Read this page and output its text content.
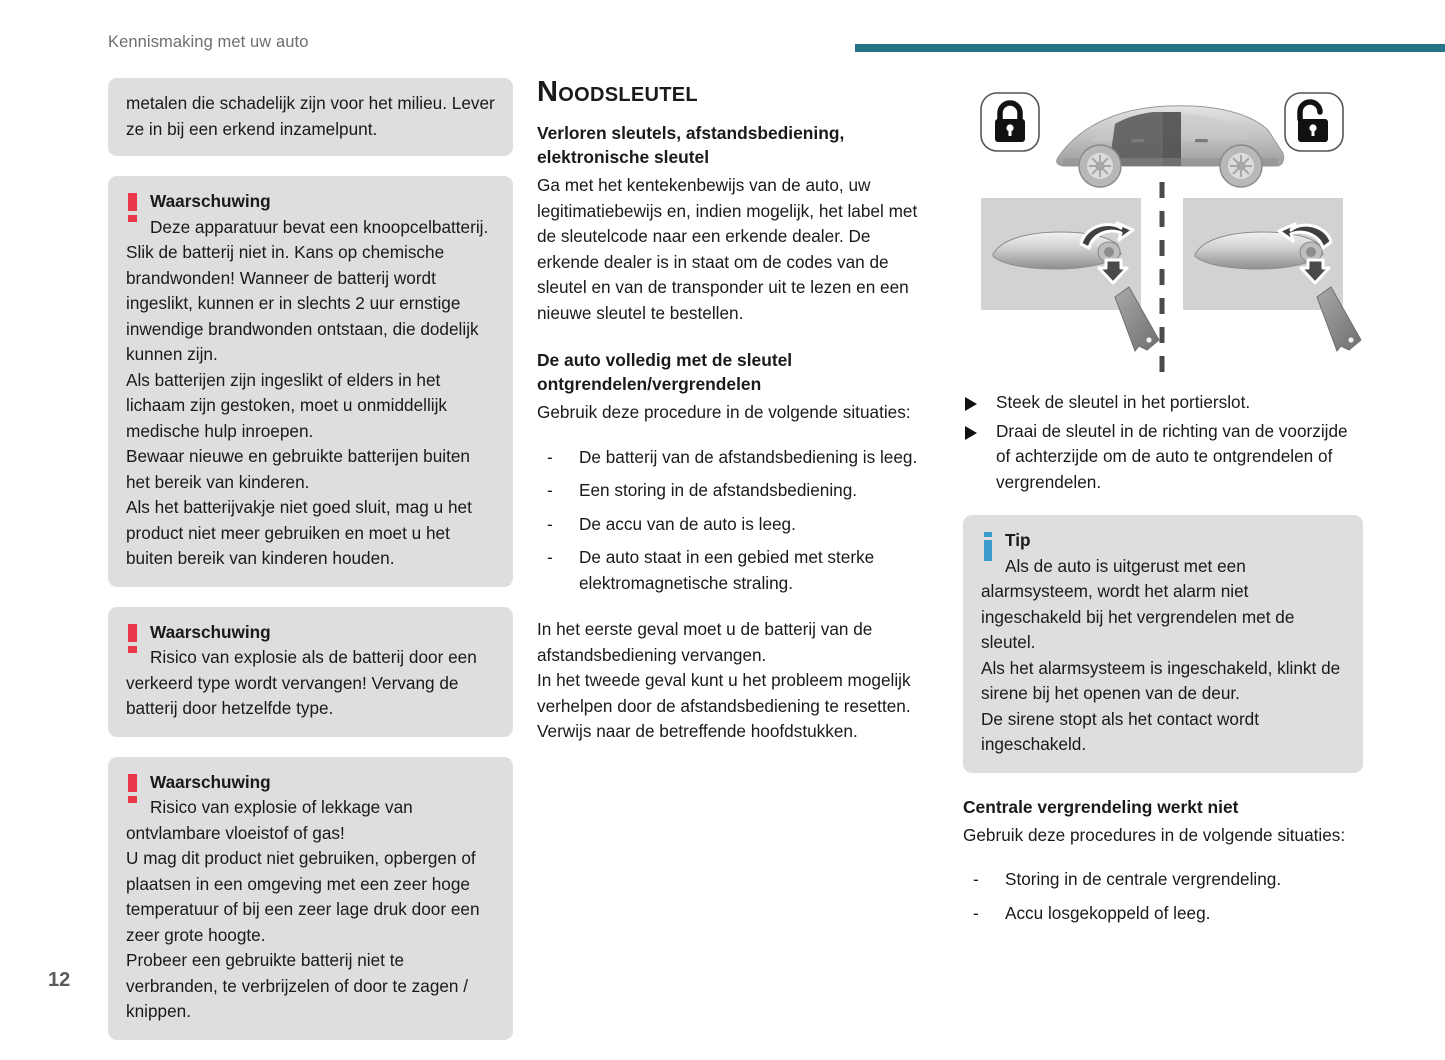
Kennismaking met uw auto

metalen die schadelijk zijn voor het milieu. Lever ze in bij een erkend inzamelpunt.

Waarschuwing
Deze apparatuur bevat een knoopcelbatterij.
Slik de batterij niet in. Kans op chemische brandwonden! Wanneer de batterij wordt ingeslikt, kunnen er in slechts 2 uur ernstige inwendige brandwonden ontstaan, die dodelijk kunnen zijn.
Als batterijen zijn ingeslikt of elders in het lichaam zijn gestoken, moet u onmiddellijk medische hulp inroepen.
Bewaar nieuwe en gebruikte batterijen buiten het bereik van kinderen.
Als het batterijvakje niet goed sluit, mag u het product niet meer gebruiken en moet u het buiten bereik van kinderen houden.

Waarschuwing
Risico van explosie als de batterij door een verkeerd type wordt vervangen! Vervang de batterij door hetzelfde type.

Waarschuwing
Risico van explosie of lekkage van ontvlambare vloeistof of gas!
U mag dit product niet gebruiken, opbergen of plaatsen in een omgeving met een zeer hoge temperatuur of bij een zeer lage druk door een zeer grote hoogte.
Probeer een gebruikte batterij niet te verbranden, te verbrijzelen of door te zagen / knippen.

Noodsleutel
Verloren sleutels, afstandsbediening, elektronische sleutel

Ga met het kentekenbewijs van de auto, uw legitimatiebewijs en, indien mogelijk, het label met de sleutelcode naar een erkende dealer. De erkende dealer is in staat om de codes van de sleutel en van de transponder uit te lezen en een nieuwe sleutel te bestellen.

De auto volledig met de sleutel ontgrendelen/vergrendelen

Gebruik deze procedure in de volgende situaties:

- De batterij van de afstandsbediening is leeg.
- Een storing in de afstandsbediening.
- De accu van de auto is leeg.
- De auto staat in een gebied met sterke elektromagnetische straling.

In het eerste geval moet u de batterij van de afstandsbediening vervangen.
In het tweede geval kunt u het probleem mogelijk verhelpen door de afstandsbediening te resetten.
Verwijs naar de betreffende hoofdstukken.

Steek de sleutel in het portierslot.
Draai de sleutel in de richting van de voorzijde of achterzijde om de auto te ontgrendelen of vergrendelen.

Tip
Als de auto is uitgerust met een alarmsysteem, wordt het alarm niet ingeschakeld bij het vergrendelen met de sleutel.
Als het alarmsysteem is ingeschakeld, klinkt de sirene bij het openen van de deur.
De sirene stopt als het contact wordt ingeschakeld.

Centrale vergrendeling werkt niet

Gebruik deze procedures in de volgende situaties:

- Storing in de centrale vergrendeling.
- Accu losgekoppeld of leeg.
12
